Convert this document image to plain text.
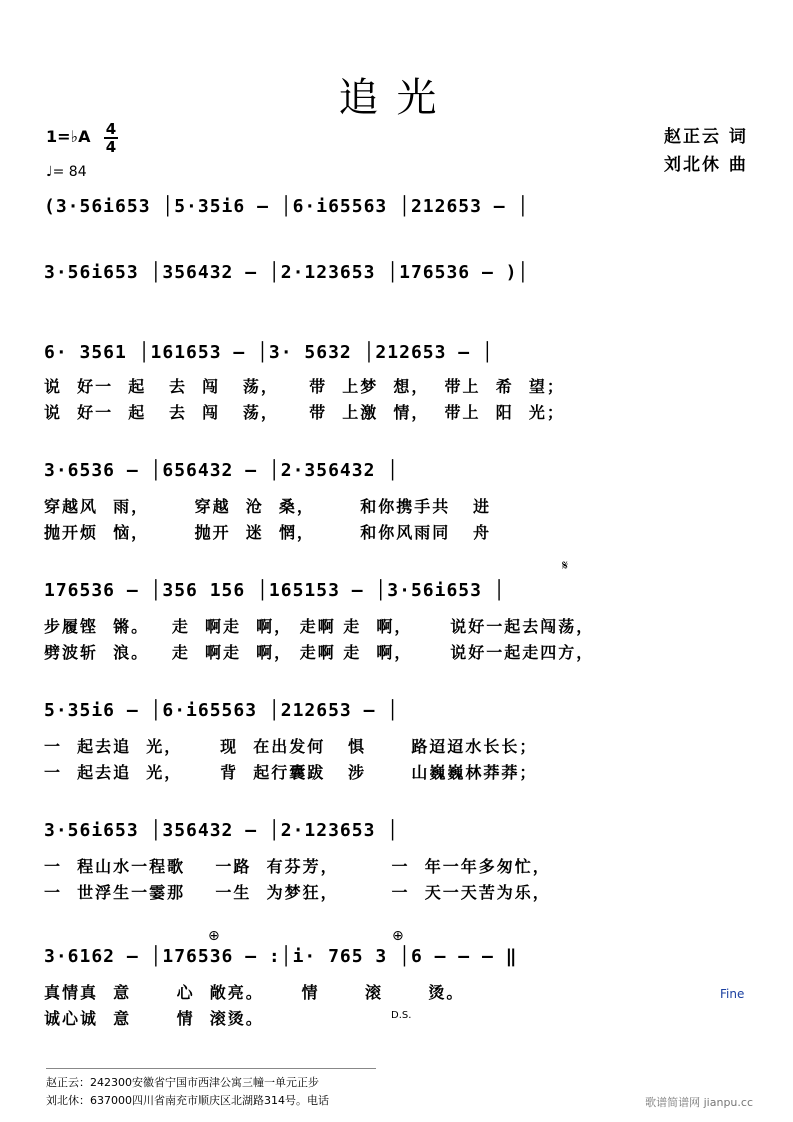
追光
1=♭A 4
4
♩= 84
赵正云 词
刘北休 曲
(3·56i653 │5·35i6 — │6·i65563 │212653 — │
3·56i653 │356432 — │2·123653 │176536 — )│
6· 3561 │161653 — │3· 5632 │212653 — │
说  好一  起   去  闯   荡，    带  上梦  想，  带上  希  望；
说  好一  起   去  闯   荡，    带  上激  情，  带上  阳  光；
3·6536 — │656432 — │2·356432 │
穿越风  雨，      穿越  沧  桑，      和你携手共   进
抛开烦  恼，      抛开  迷  惘，      和你风雨同   舟
𝄋
176536 — │356 156 │165153 — │3·56i653 │
步履铿  锵。   走  啊走  啊， 走啊 走  啊，     说好一起去闯荡，
劈波斩  浪。   走  啊走  啊， 走啊 走  啊，     说好一起走四方，
5·35i6 — │6·i65563 │212653 — │
一  起去追  光，     现  在出发何   惧      路迢迢水长长；
一  起去追  光，     背  起行囊跋   涉      山巍巍林莽莽；
3·56i653 │356432 — │2·123653 │
一  程山水一程歌    一路  有芬芳，       一  年一年多匆忙，
一  世浮生一霎那    一生  为梦狂，       一  天一天苦为乐，
⊕	⊕
3·6162 — │176536 — :│i· 765 3 │6 — — — ‖
真情真  意      心  敞亮。     情      滚      烫。
诚心诚  意      情  滚烫。
Fine
D.S.
赵正云：242300安徽省宁国市西津公寓三幢一单元正步
刘北休：637000四川省南充市顺庆区北湖路314号。电话	歌谱简谱网 jianpu.cc
